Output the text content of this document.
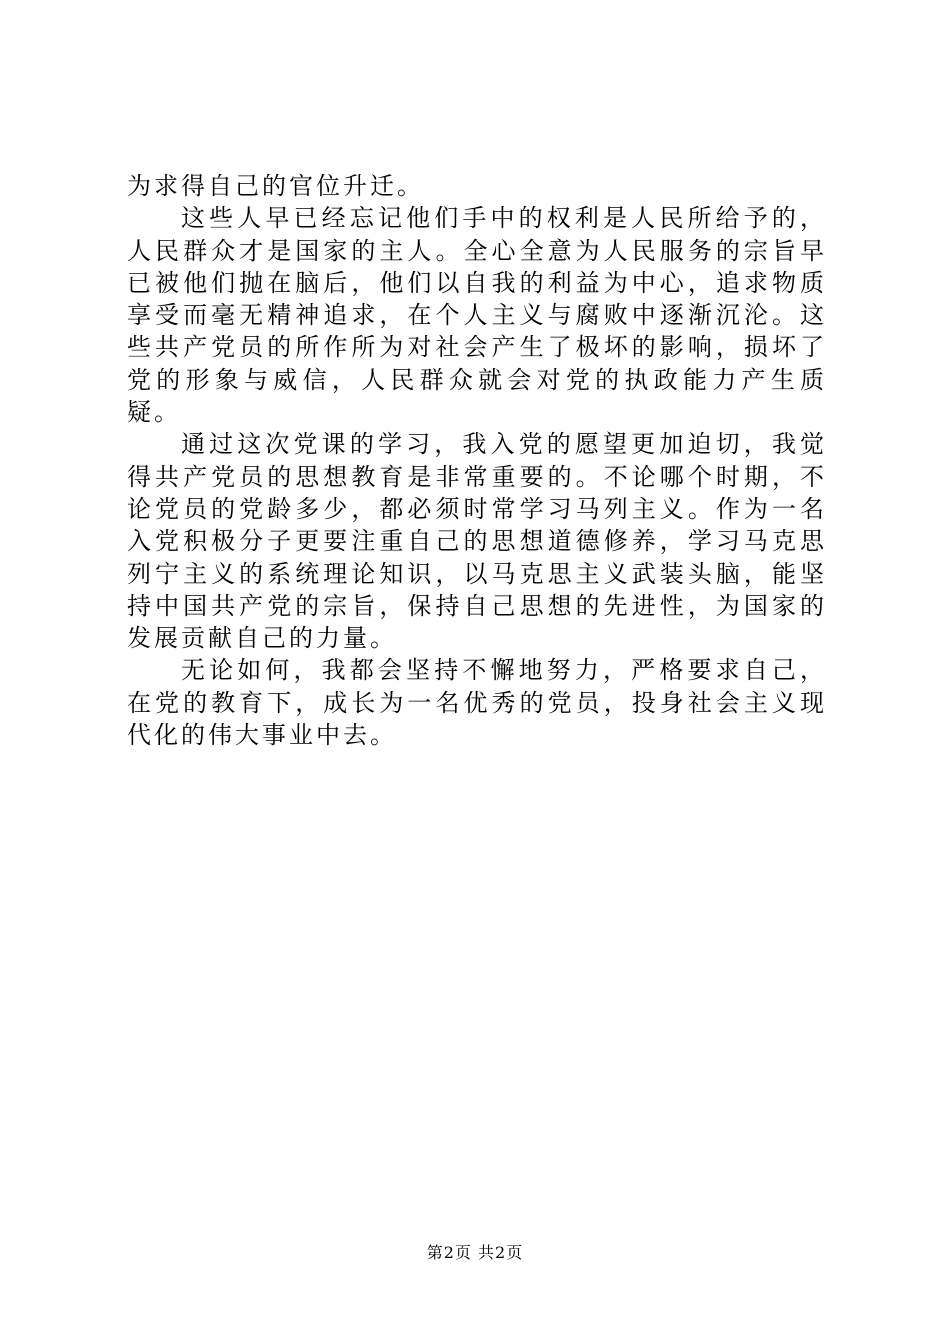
为求得自己的官位升迁。

这些人早已经忘记他们手中的权利是人民所给予的，人民群众才是国家的主人。全心全意为人民服务的宗旨早已被他们抛在脑后，他们以自我的利益为中心，追求物质享受而毫无精神追求，在个人主义与腐败中逐渐沉沦。这些共产党员的所作所为对社会产生了极坏的影响，损坏了党的形象与威信，人民群众就会对党的执政能力产生质疑。

通过这次党课的学习，我入党的愿望更加迫切，我觉得共产党员的思想教育是非常重要的。不论哪个时期，不论党员的党龄多少，都必须时常学习马列主义。作为一名入党积极分子更要注重自己的思想道德修养，学习马克思列宁主义的系统理论知识，以马克思主义武装头脑，能坚持中国共产党的宗旨，保持自己思想的先进性，为国家的发展贡献自己的力量。

无论如何，我都会坚持不懈地努力，严格要求自己，在党的教育下，成长为一名优秀的党员，投身社会主义现代化的伟大事业中去。

第2页 共2页
